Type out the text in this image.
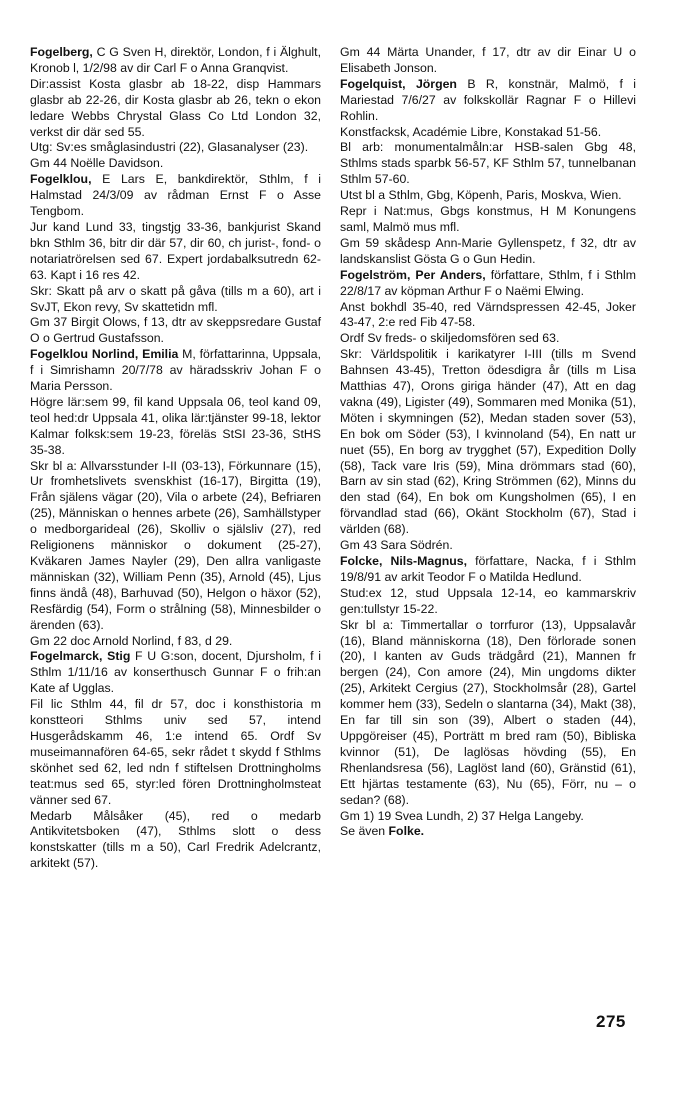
Fogelberg, C G Sven H, direktör, London, f i Älghult, Kronob l, 1/2/98 av dir Carl F o Anna Granqvist.

Dir:assist Kosta glasbr ab 18-22, disp Hammars glasbr ab 22-26, dir Kosta glasbr ab 26, tekn o ekon ledare Webbs Chrystal Glass Co Ltd London 32, verkst dir där sed 55.

Utg: Sv:es småglasindustri (22), Glasanalyser (23).

Gm 44 Noëlle Davidson.

Fogelklou, E Lars E, bankdirektör, Sthlm, f i Halmstad 24/3/09 av rådman Ernst F o Asse Tengbom.

Jur kand Lund 33, tingstjg 33-36, bankjurist Skand bkn Sthlm 36, bitr dir där 57, dir 60, ch jurist-, fond- o notariatrörelsen sed 67. Expert jordabalksutredn 62-63. Kapt i 16 res 42.

Skr: Skatt på arv o skatt på gåva (tills m a 60), art i SvJT, Ekon revy, Sv skattetidn mfl.

Gm 37 Birgit Olows, f 13, dtr av skeppsredare Gustaf O o Gertrud Gustafsson.

Fogelklou Norlind, Emilia M, författarinna, Uppsala, f i Simrishamn 20/7/78 av häradsskriv Johan F o Maria Persson.

Högre lär:sem 99, fil kand Uppsala 06, teol kand 09, teol hed:dr Uppsala 41, olika lär:tjänster 99-18, lektor Kalmar folksk:sem 19-23, föreläs StSI 23-36, StHS 35-38.

Skr bl a: Allvarsstunder I-II (03-13), Förkunnare (15), Ur fromhetslivets svenskhist (16-17), Birgitta (19), Från själens vägar (20), Vila o arbete (24), Befriaren (25), Människan o hennes arbete (26), Samhällstyper o medborgarideal (26), Skolliv o själsliv (27), red Religionens människor o dokument (25-27), Kväkaren James Nayler (29), Den allra vanligaste människan (32), William Penn (35), Arnold (45), Ljus finns ändå (48), Barhuvad (50), Helgon o häxor (52), Resfärdig (54), Form o strålning (58), Minnesbilder o ärenden (63).

Gm 22 doc Arnold Norlind, f 83, d 29.

Fogelmarck, Stig F U G:son, docent, Djursholm, f i Sthlm 1/11/16 av konserthusch Gunnar F o frih:an Kate af Ugglas.

Fil lic Sthlm 44, fil dr 57, doc i konsthistoria m konstteori Sthlms univ sed 57, intend Husgerådskamm 46, 1:e intend 65. Ordf Sv museimannafören 64-65, sekr rådet t skydd f Sthlms skönhet sed 62, led ndn f stiftelsen Drottningholms teat:mus sed 65, styr:led fören Drottningholmsteat vänner sed 67.

Medarb Målsåker (45), red o medarb Antikvitetsboken (47), Sthlms slott o dess konstskatter (tills m a 50), Carl Fredrik Adelcrantz, arkitekt (57).

Gm 44 Märta Unander, f 17, dtr av dir Einar U o Elisabeth Jonson.

Fogelquist, Jörgen B R, konstnär, Malmö, f i Mariestad 7/6/27 av folkskollär Ragnar F o Hillevi Rohlin.

Konstfacksk, Académie Libre, Konstakad 51-56.

Bl arb: monumentalmåln:ar HSB-salen Gbg 48, Sthlms stads sparbk 56-57, KF Sthlm 57, tunnelbanan Sthlm 57-60.

Utst bl a Sthlm, Gbg, Köpenh, Paris, Moskva, Wien.

Repr i Nat:mus, Gbgs konstmus, H M Konungens saml, Malmö mus mfl.

Gm 59 skådesp Ann-Marie Gyllenspetz, f 32, dtr av landskanslist Gösta G o Gun Hedin.

Fogelström, Per Anders, författare, Sthlm, f i Sthlm 22/8/17 av köpman Arthur F o Naëmi Elwing.

Anst bokhdl 35-40, red Värndspressen 42-45, Joker 43-47, 2:e red Fib 47-58.

Ordf Sv freds- o skiljedomsfören sed 63.

Skr: Världspolitik i karikatyrer I-III (tills m Svend Bahnsen 43-45), Tretton ödesdigra år (tills m Lisa Matthias 47), Orons giriga händer (47), Att en dag vakna (49), Ligister (49), Sommaren med Monika (51), Möten i skymningen (52), Medan staden sover (53), En bok om Söder (53), I kvinnoland (54), En natt ur nuet (55), En borg av trygghet (57), Expedition Dolly (58), Tack vare Iris (59), Mina drömmars stad (60), Barn av sin stad (62), Kring Strömmen (62), Minns du den stad (64), En bok om Kungsholmen (65), I en förvandlad stad (66), Okänt Stockholm (67), Stad i världen (68).

Gm 43 Sara Södrén.

Folcke, Nils-Magnus, författare, Nacka, f i Sthlm 19/8/91 av arkit Teodor F o Matilda Hedlund.

Stud:ex 12, stud Uppsala 12-14, eo kammarskriv gen:tullstyr 15-22.

Skr bl a: Timmertallar o torrfuror (13), Uppsalavår (16), Bland människorna (18), Den förlorade sonen (20), I kanten av Guds trädgård (21), Mannen fr bergen (24), Con amore (24), Min ungdoms dikter (25), Arkitekt Cergius (27), Stockholmsår (28), Gartel kommer hem (33), Sedeln o slantarna (34), Makt (38), En far till sin son (39), Albert o staden (44), Uppgöreiser (45), Porträtt m bred ram (50), Bibliska kvinnor (51), De laglösas hövding (55), En Rhenlandsresa (56), Laglöst land (60), Gränstid (61), Ett hjärtas testamente (63), Nu (65), Förr, nu – o sedan? (68).

Gm 1) 19 Svea Lundh, 2) 37 Helga Langeby.

Se även Folke.

275
